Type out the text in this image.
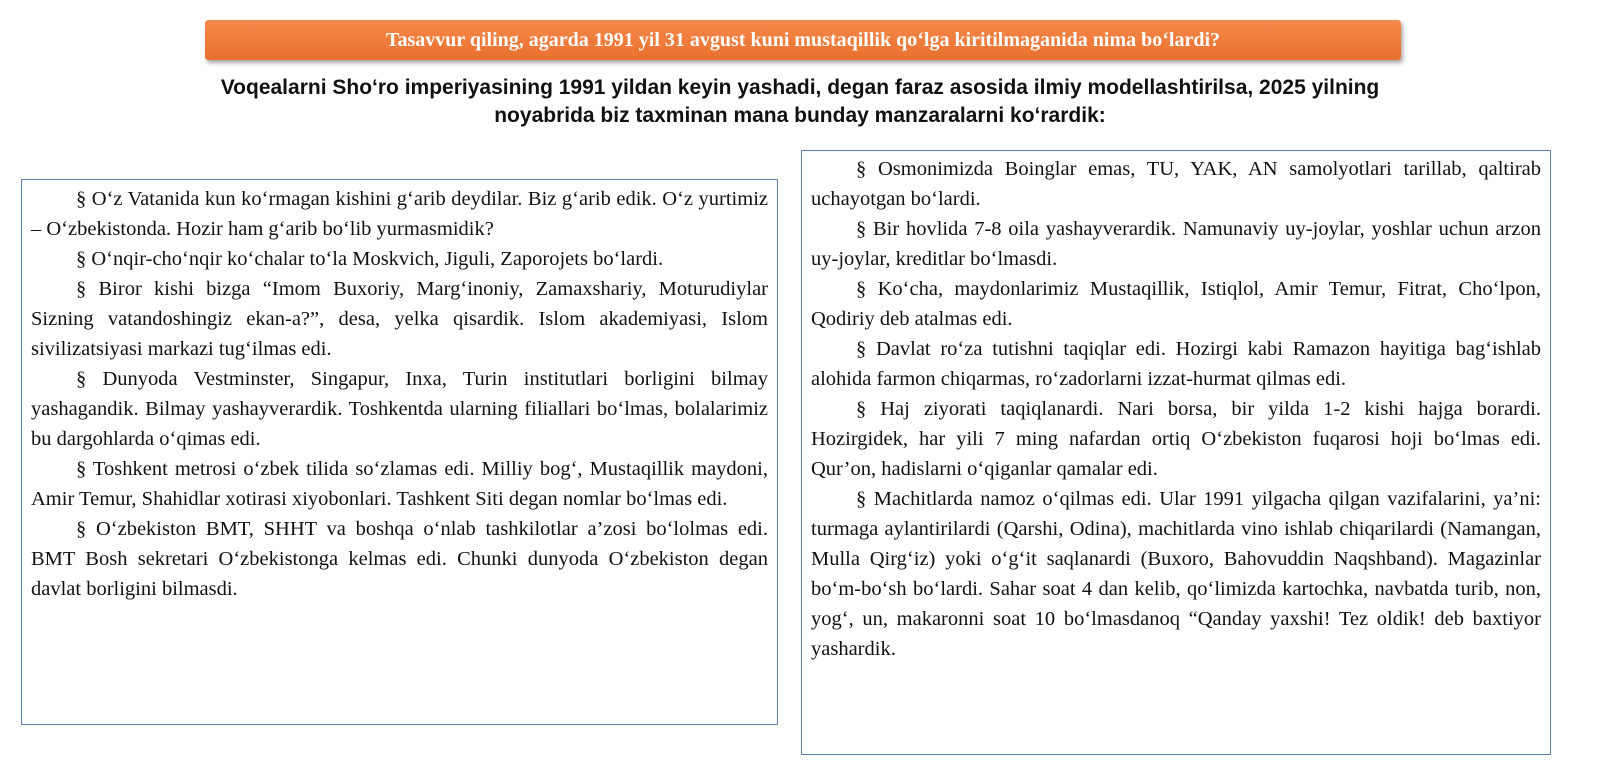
Tasavvur qiling, agarda 1991 yil 31 avgust kuni mustaqillik qo‘lga kiritilmaganida nima bo‘lardi?
Voqealarni Sho‘ro imperiyasining 1991 yildan keyin yashadi, degan faraz asosida ilmiy modellashtirilsa, 2025 yilning
noyabrida biz taxminan mana bunday manzaralarni ko‘rardik:

§ O‘z Vatanida kun ko‘rmagan kishini g‘arib deydilar. Biz g‘arib edik. O‘z yurtimiz – O‘zbekistonda. Hozir ham g‘arib bo‘lib yurmasmidik?

§ O‘nqir-cho‘nqir ko‘chalar to‘la Moskvich, Jiguli, Zaporojets bo‘lardi.

§ Biror kishi bizga “Imom Buxoriy, Marg‘inoniy, Zamaxshariy, Moturudiylar Sizning vatandoshingiz ekan-a?”, desa, yelka qisardik. Islom akademiyasi, Islom sivilizatsiyasi markazi tug‘ilmas edi.

§ Dunyoda Vestminster, Singapur, Inxa, Turin institutlari borligini bilmay yashagandik. Bilmay yashayverardik. Toshkentda ularning filiallari bo‘lmas, bolalarimiz bu dargohlarda o‘qimas edi.

§ Toshkent metrosi o‘zbek tilida so‘zlamas edi. Milliy bog‘, Mustaqillik maydoni, Amir Temur, Shahidlar xotirasi xiyobonlari. Tashkent Siti degan nomlar bo‘lmas edi.

§ O‘zbekiston BMT, SHHT va boshqa o‘nlab tashkilotlar a’zosi bo‘lolmas edi. BMT Bosh sekretari O‘zbekistonga kelmas edi. Chunki dunyoda O‘zbekiston degan davlat borligini bilmasdi.

§ Osmonimizda Boinglar emas, TU, YAK, AN samolyotlari tarillab, qaltirab uchayotgan bo‘lardi.

§ Bir hovlida 7-8 oila yashayverardik. Namunaviy uy-joylar, yoshlar uchun arzon uy-joylar, kreditlar bo‘lmasdi.

§ Ko‘cha, maydonlarimiz Mustaqillik, Istiqlol, Amir Temur, Fitrat, Cho‘lpon, Qodiriy deb atalmas edi.

§ Davlat ro‘za tutishni taqiqlar edi. Hozirgi kabi Ramazon hayitiga bag‘ishlab alohida farmon chiqarmas, ro‘zadorlarni izzat-hurmat qilmas edi.

§ Haj ziyorati taqiqlanardi. Nari borsa, bir yilda 1-2 kishi hajga borardi. Hozirgidek, har yili 7 ming nafardan ortiq O‘zbekiston fuqarosi hoji bo‘lmas edi. Qur’on, hadislarni o‘qiganlar qamalar edi.

§ Machitlarda namoz o‘qilmas edi. Ular 1991 yilgacha qilgan vazifalarini, ya’ni: turmaga aylantirilardi (Qarshi, Odina), machitlarda vino ishlab chiqarilardi (Namangan, Mulla Qirg‘iz) yoki o‘g‘it saqlanardi (Buxoro, Bahovuddin Naqshband). Magazinlar bo‘m-bo‘sh bo‘lardi. Sahar soat 4 dan kelib, qo‘limizda kartochka, navbatda turib, non, yog‘, un, makaronni soat 10 bo‘lmasdanoq “Qanday yaxshi! Tez oldik! deb baxtiyor yashardik.
